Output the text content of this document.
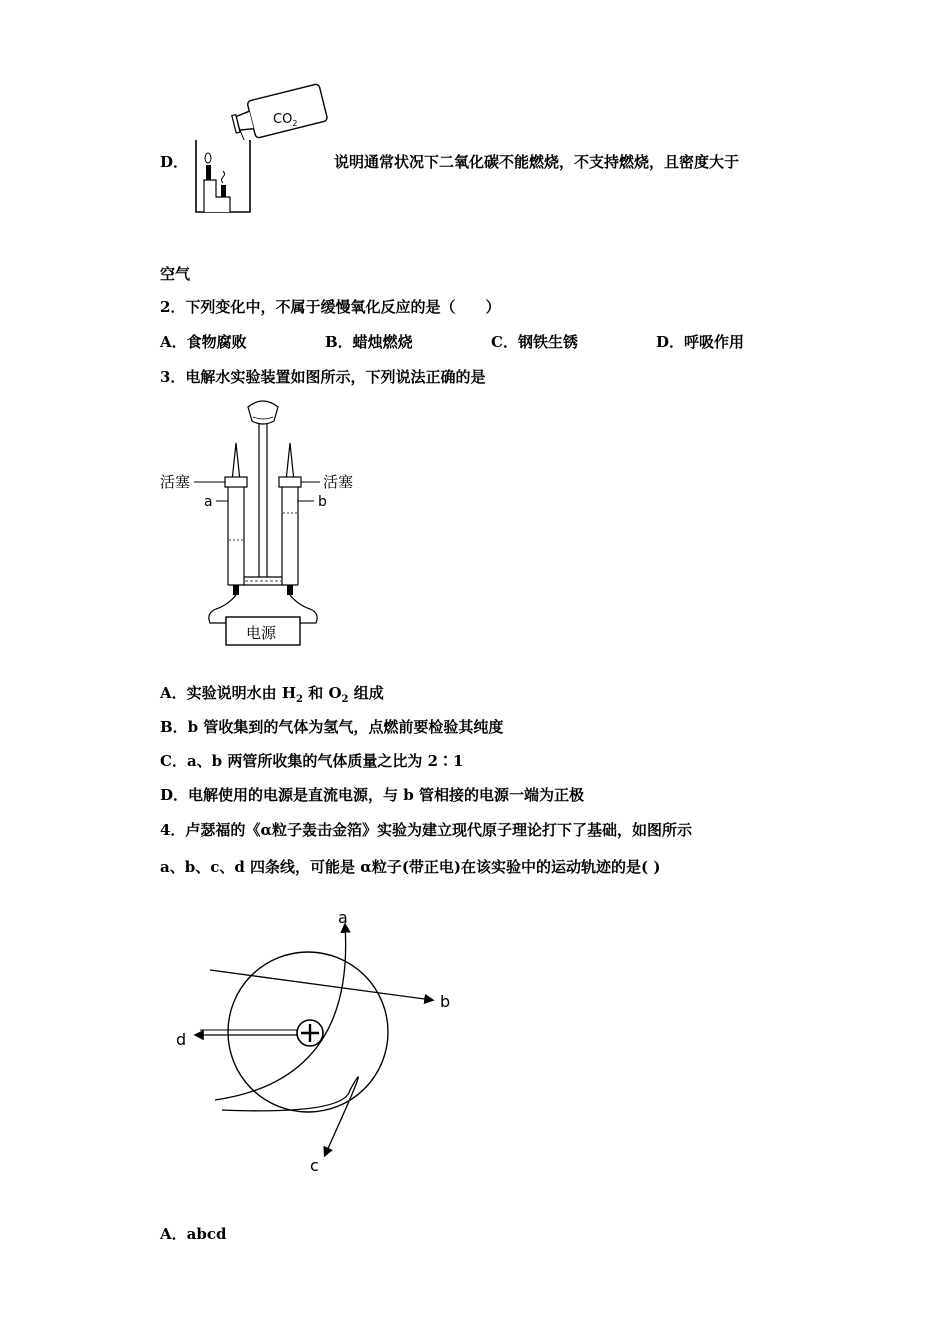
$CO_2$
D．	说明通常状况下二氧化碳不能燃烧，不支持燃烧，且密度大于
空气
2．下列变化中，不属于缓慢氧化反应的是（　　）
A．食物腐败	B．蜡烛燃烧	C．钢铁生锈	D．呼吸作用
3．电解水实验装置如图所示，下列说法正确的是
电源
活塞	活塞
a	b
A．实验说明水由 $H_2$ 和 $O_2$ 组成
B．b 管收集到的气体为氢气，点燃前要检验其纯度
C．a、b 两管所收集的气体质量之比为 2∶1
D．电解使用的电源是直流电源，与 b 管相接的电源一端为正极
4．卢瑟福的《α粒子轰击金箔》实验为建立现代原子理论打下了基础，如图所示
a、b、c、d 四条线，可能是 α粒子(带正电)在该实验中的运动轨迹的是( )
a
b
c
d
A．abcd
